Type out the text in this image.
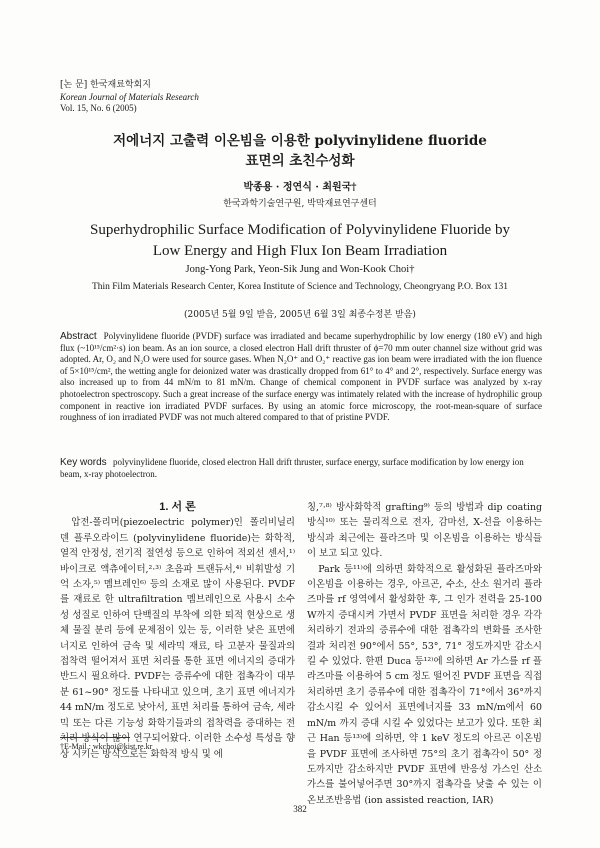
[논 문] 한국재료학회지
Korean Journal of Materials Research
Vol. 15, No. 6 (2005)
저에너지 고출력 이온빔을 이용한 polyvinylidene fluoride
표면의 초친수성화
박종용 · 정연식 · 최원국†
한국과학기술연구원, 박막재료연구센터
Superhydrophilic Surface Modification of Polyvinylidene Fluoride by
Low Energy and High Flux Ion Beam Irradiation
Jong-Yong Park, Yeon-Sik Jung and Won-Kook Choi†
Thin Film Materials Research Center, Korea Institute of Science and Technology, Cheongryang P.O. Box 131
(2005년 5월 9일 받음, 2005년 6월 3일 최종수정본 받음)
Abstract Polyvinylidene fluoride (PVDF) surface was irradiated and became superhydrophilic by low energy (180 eV) and high flux (~10¹⁵/cm²·s) ion beam. As an ion source, a closed electron Hall drift thruster of ϕ=70 mm outer channel size without grid was adopted. Ar, O₂ and N₂O were used for source gases. When N₂O⁺ and O₂⁺ reactive gas ion beam were irradiated with the ion fluence of 5×10¹⁵/cm², the wetting angle for deionized water was drastically dropped from 61° to 4° and 2°, respectively. Surface energy was also increased up to from 44 mN/m to 81 mN/m. Change of chemical component in PVDF surface was analyzed by x-ray photoelectron spectroscopy. Such a great increase of the surface energy was intimately related with the increase of hydrophilic group component in reactive ion irradiated PVDF surfaces. By using an atomic force microscopy, the root-mean-square of surface roughness of ion irradiated PVDF was not much altered compared to that of pristine PVDF.
Key words polyvinylidene fluoride, closed electron Hall drift thruster, surface energy, surface modification by low energy ion beam, x-ray photoelectron.

1. 서 론

압전-폴리머(piezoelectric polymer)인 폴리비닐리덴 플루오라이드 (polyvinylidene fluoride)는 화학적, 열적 안정성, 전기적 절연성 등으로 인하여 적외선 센서,¹⁾ 바이크로 액츄에이터,²·³⁾ 초음파 트랜듀서,⁴⁾ 비휘발성 기억 소자,⁵⁾ 멤브레인⁶⁾ 등의 소재로 많이 사용된다. PVDF를 재료로 한 ultrafiltration 멤브레인으로 사용시 소수성 성질로 인하여 단백질의 부착에 의한 퇴적 현상으로 생체 물질 분리 등에 문제점이 있는 등, 이러한 낮은 표면에너지로 인하여 금속 및 세라믹 재료, 타 고분자 물질과의 접착력 떨어져서 표면 처리를 통한 표면 에너지의 증대가 반드시 필요하다. PVDF는 증류수에 대한 접촉각이 대부분 61~90° 정도를 나타내고 있으며, 초기 표면 에너지가 44 mN/m 정도로 낮아서, 표면 처리를 통하여 금속, 세라믹 또는 다른 기능성 화학기들과의 접착력을 증대하는 전처리 방식이 많이 연구되어왔다. 이러한 소수성 특성을 향상 시키는 방식으로는 화학적 방식 및 에

칭,⁷·⁸⁾ 방사화학적 grafting⁹⁾ 등의 방법과 dip coating 방식¹⁰⁾ 또는 물리적으로 전자, 감마선, X-선을 이용하는 방식과 최근에는 플라즈마 및 이온빔을 이용하는 방식들이 보고 되고 있다.

Park 등¹¹⁾에 의하면 화학적으로 활성화된 플라즈마와 이온빔을 이용하는 경우, 아르곤, 수소, 산소 원거리 플라즈마를 rf 영역에서 활성화한 후, 그 인가 전력을 25-100 W까지 증대시켜 가면서 PVDF 표면을 처리한 경우 각각 처리하기 전과의 증류수에 대한 접촉각의 변화를 조사한 결과 처리전 90°에서 55°, 53°, 71° 정도까지만 감소시킬 수 있었다. 한편 Duca 등¹²⁾에 의하면 Ar 가스를 rf 플라즈마를 이용하여 5 cm 정도 떨어진 PVDF 표면을 직접 처리하면 초기 증류수에 대한 접촉각이 71°에서 36°까지 감소시킬 수 있어서 표면에너지를 33 mN/m에서 60 mN/m 까지 증대 시킬 수 있었다는 보고가 있다. 또한 최근 Han 등¹³⁾에 의하면, 약 1 keV 정도의 아르곤 이온빔을 PVDF 표면에 조사하면 75°의 초기 접촉각이 50° 정도까지만 감소하지만 PVDF 표면에 반응성 가스인 산소가스를 불어넣어주면 30°까지 접촉각을 낮출 수 있는 이온보조반응법 (ion assisted reaction, IAR)

†E-Mail : wkchoi@kist.re.kr
382
